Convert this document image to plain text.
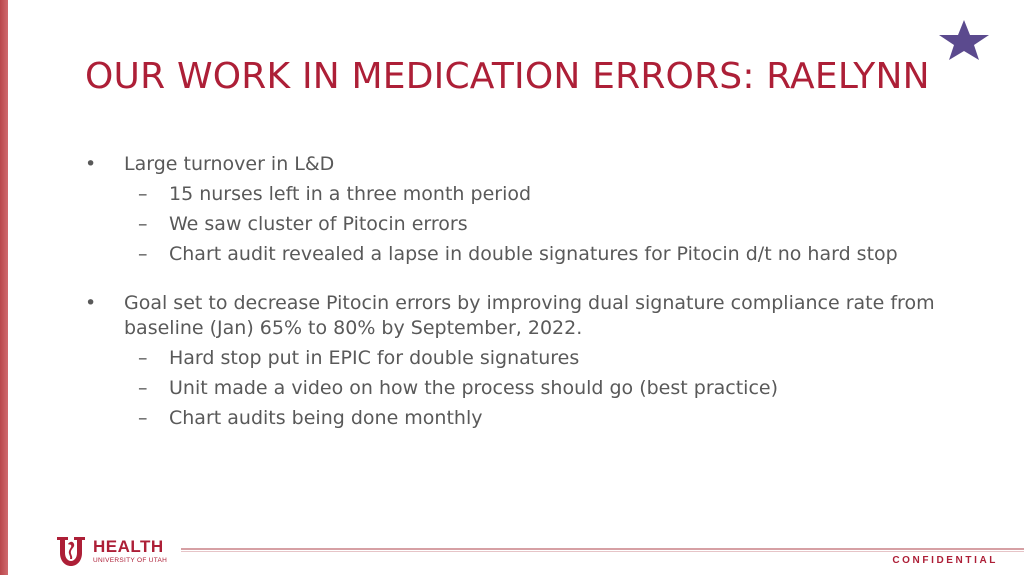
OUR WORK IN MEDICATION ERRORS: RAELYNN
• Large turnover in L&D
– 15 nurses left in a three month period
– We saw cluster of Pitocin errors
– Chart audit revealed a lapse in double signatures for Pitocin d/t no hard stop
• Goal set to decrease Pitocin errors by improving dual signature compliance rate from baseline (Jan) 65% to 80% by September, 2022.
– Hard stop put in EPIC for double signatures
– Unit made a video on how the process should go (best practice)
– Chart audits being done monthly
HEALTH
UNIVERSITY OF UTAH	CONFIDENTIAL
